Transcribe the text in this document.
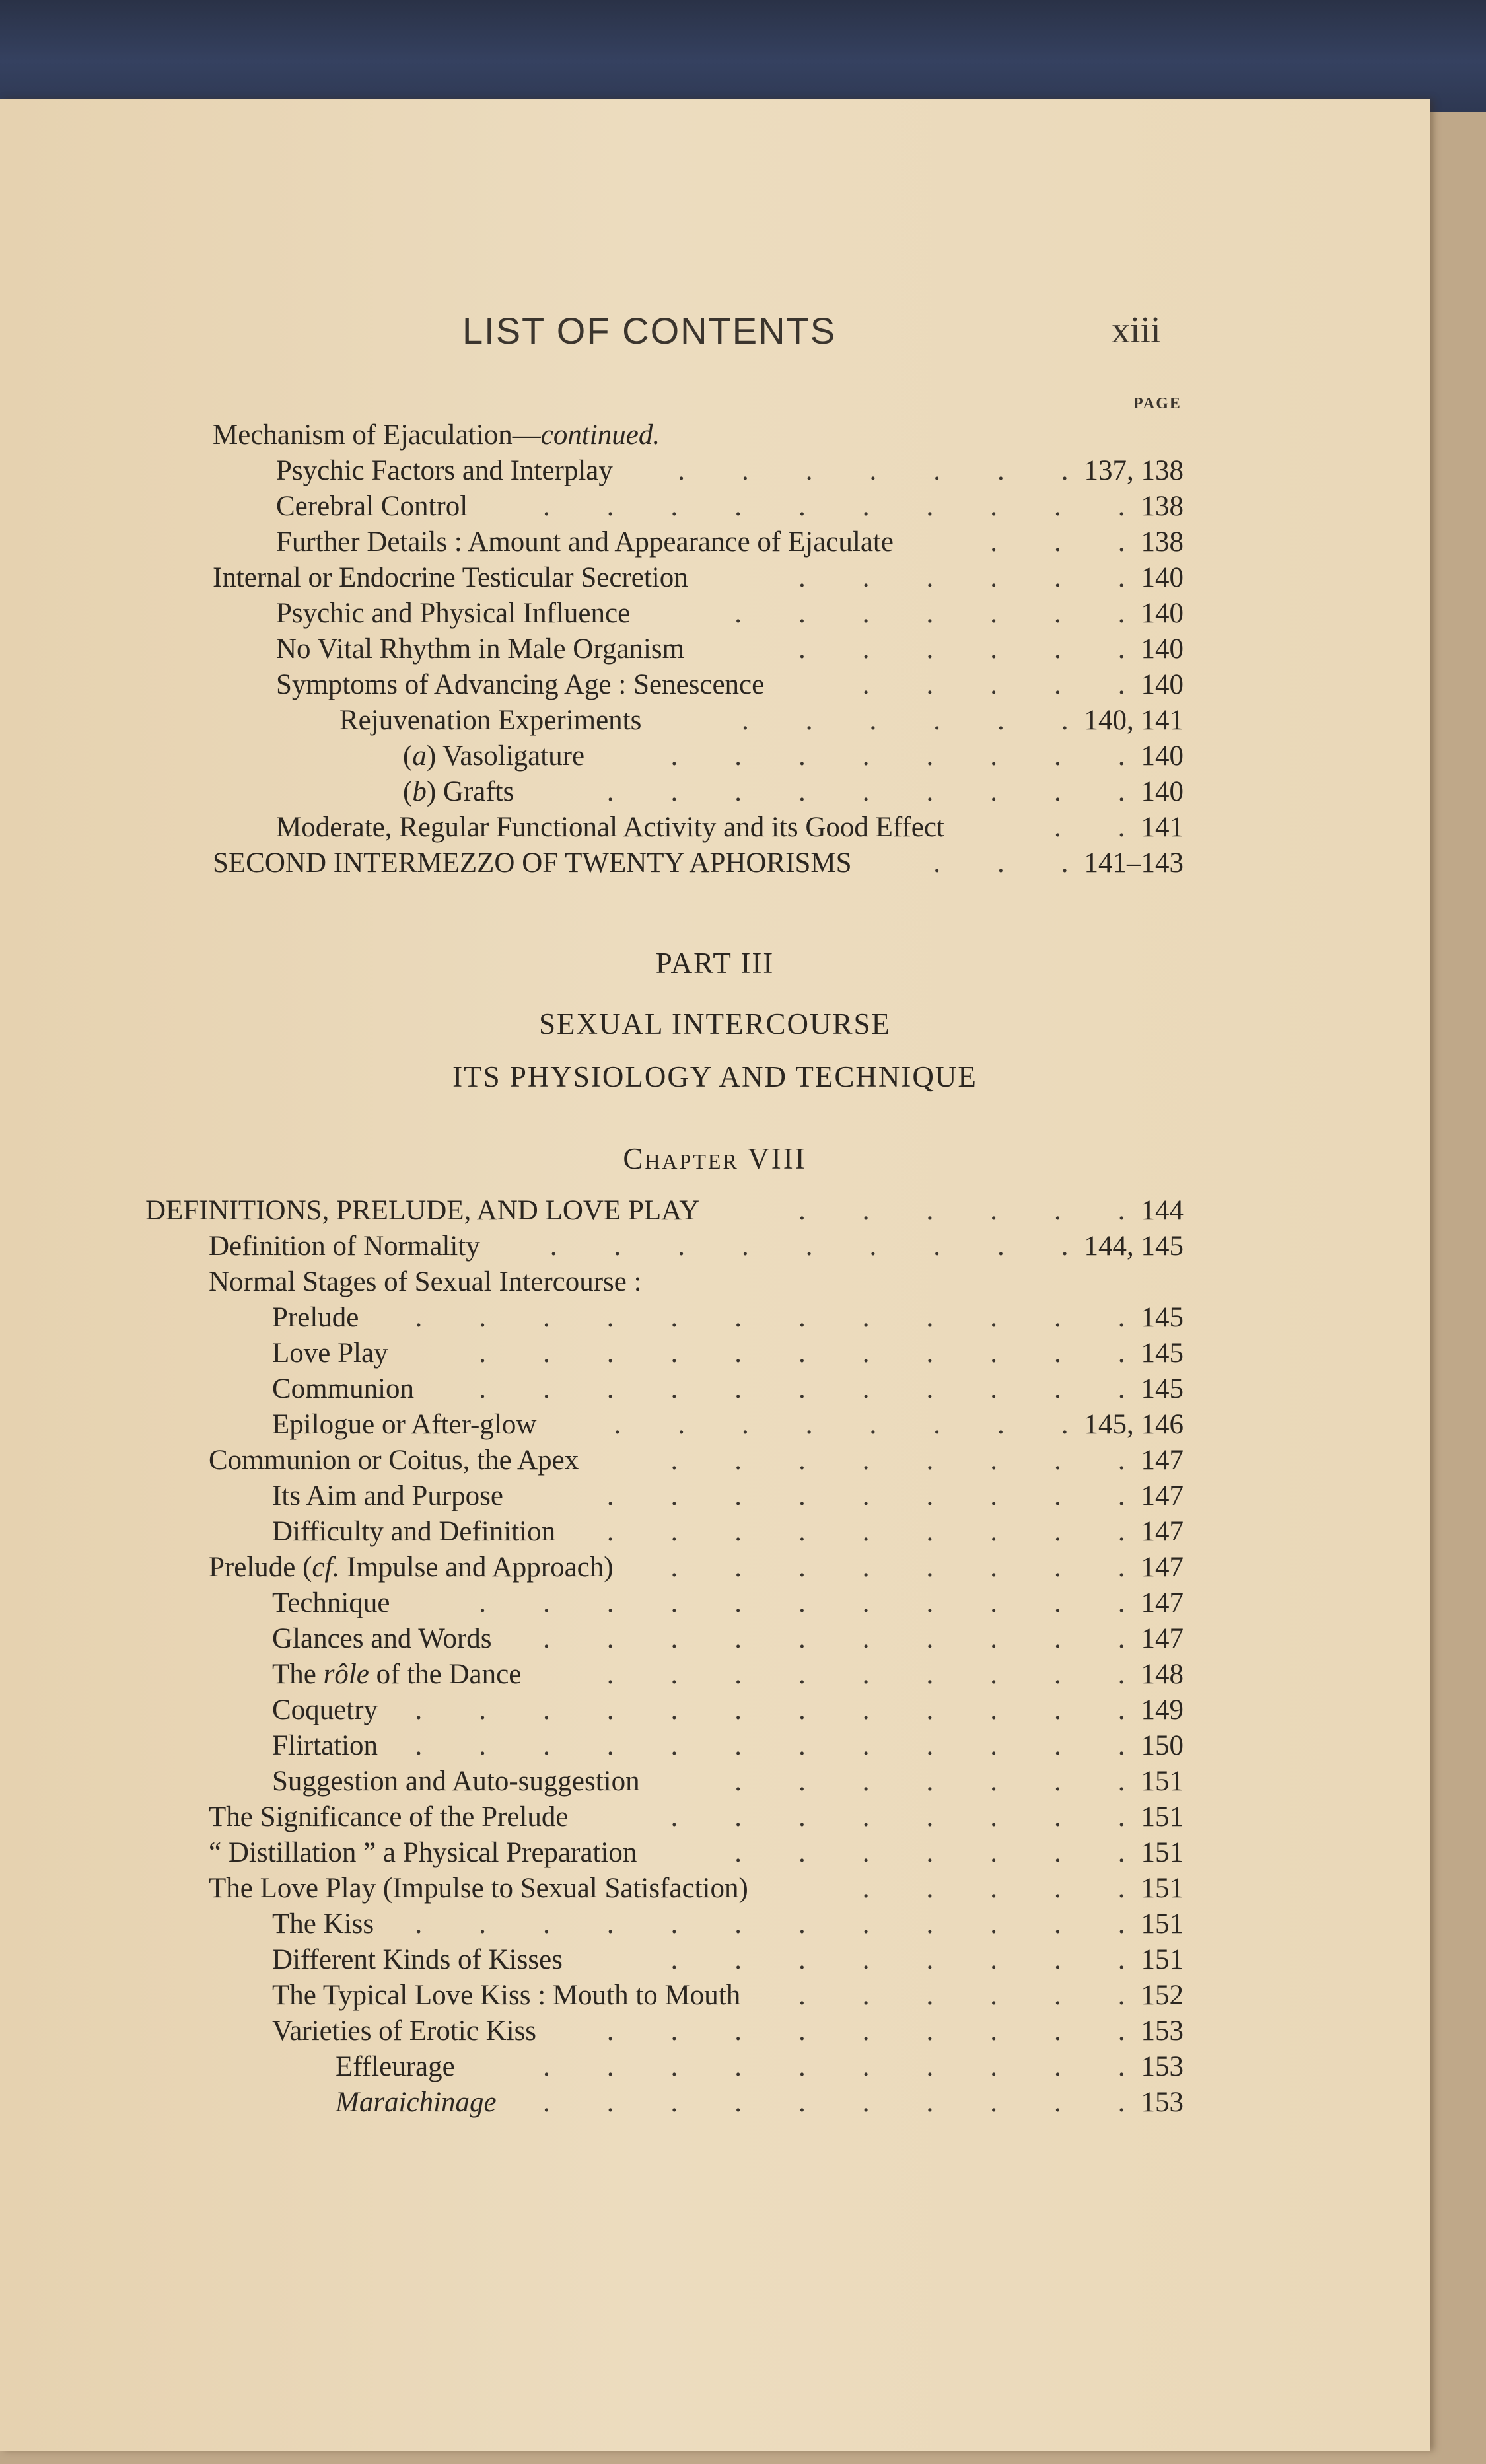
LIST OF CONTENTS	xiii
PAGE
Mechanism of Ejaculation—continued.
Psychic Factors and Interplay	137, 138
.  .  .  .  .  .  .
Cerebral Control	138
.  .  .  .  .  .  .  .  .  .
Further Details : Amount and Appearance of Ejaculate	138
.  .  .
Internal or Endocrine Testicular Secretion	140
.  .  .  .  .  .
Psychic and Physical Influence	140
.  .  .  .  .  .  .
No Vital Rhythm in Male Organism	140
.  .  .  .  .  .
Symptoms of Advancing Age : Senescence	140
.  .  .  .  .
Rejuvenation Experiments	140, 141
.  .  .  .  .  .
(a) Vasoligature	140
.  .  .  .  .  .  .  .
(b) Grafts	140
.  .  .  .  .  .  .  .  .
Moderate, Regular Functional Activity and its Good Effect	141
.  .
SECOND INTERMEZZO OF TWENTY APHORISMS	141–143
.  .  .
PART III
SEXUAL INTERCOURSE
ITS PHYSIOLOGY AND TECHNIQUE
Chapter VIII
DEFINITIONS, PRELUDE, AND LOVE PLAY	144
.  .  .  .  .  .
Definition of Normality	144, 145
.  .  .  .  .  .  .  .  .
Normal Stages of Sexual Intercourse :
Prelude	145
.  .  .  .  .  .  .  .  .  .  .  .
Love Play	145
.  .  .  .  .  .  .  .  .  .  .
Communion	145
.  .  .  .  .  .  .  .  .  .  .
Epilogue or After-glow	145, 146
.  .  .  .  .  .  .  .
Communion or Coitus, the Apex	147
.  .  .  .  .  .  .  .
Its Aim and Purpose	147
.  .  .  .  .  .  .  .  .
Difficulty and Definition	147
.  .  .  .  .  .  .  .  .
Prelude (cf. Impulse and Approach)	147
.  .  .  .  .  .  .  .
Technique	147
.  .  .  .  .  .  .  .  .  .  .
Glances and Words	147
.  .  .  .  .  .  .  .  .  .
The rôle of the Dance	148
.  .  .  .  .  .  .  .  .
Coquetry	149
.  .  .  .  .  .  .  .  .  .  .  .
Flirtation	150
.  .  .  .  .  .  .  .  .  .  .  .
Suggestion and Auto-suggestion	151
.  .  .  .  .  .  .
The Significance of the Prelude	151
.  .  .  .  .  .  .  .
“ Distillation ” a Physical Preparation	151
.  .  .  .  .  .  .
The Love Play (Impulse to Sexual Satisfaction)	151
.  .  .  .  .
The Kiss	151
.  .  .  .  .  .  .  .  .  .  .  .
Different Kinds of Kisses	151
.  .  .  .  .  .  .  .
The Typical Love Kiss : Mouth to Mouth	152
.  .  .  .  .  .
Varieties of Erotic Kiss	153
.  .  .  .  .  .  .  .  .
Effleurage	153
.  .  .  .  .  .  .  .  .  .
Maraichinage	153
.  .  .  .  .  .  .  .  .  .
